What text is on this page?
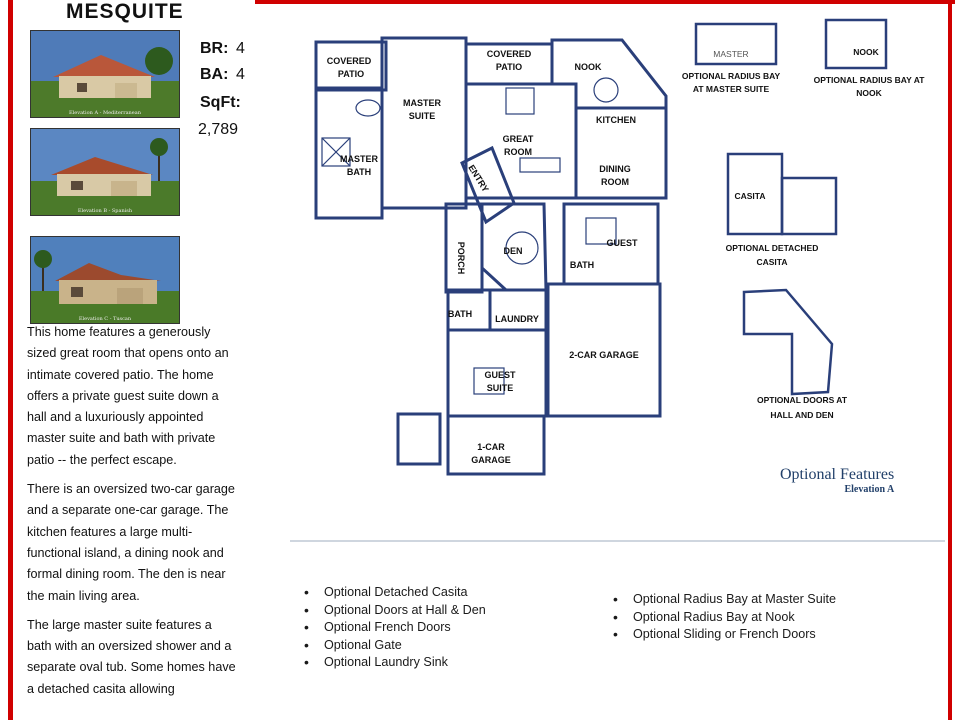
MESQUITE
Elevation A - Mediterranean
Elevation B - Spanish
Elevation C - Tuscan
BR: 4
BA: 4
SqFt:
2,789

This home features a generously sized great room that opens onto an intimate covered patio. The home offers a private guest suite down a hall and a luxuriously appointed master suite and bath with private patio -- the perfect escape.

There is an oversized two-car garage and a separate one-car garage. The kitchen features a large multi-functional island, a dining nook and formal dining room. The den is near the main living area.

The large master suite features a bath with an oversized shower and a separate oval tub. Some homes have a detached casita allowing

COVERED PATIO
MASTER SUITE
MASTER BATH
COVERED PATIO
GREAT ROOM
NOOK
KITCHEN
DINING ROOM
ENTRY
PORCH	DEN
GUEST
BATH
BATH	LAUNDRY
2-CAR GARAGE
GUEST SUITE
1-CAR GARAGE
MASTER
OPTIONAL RADIUS BAY AT MASTER SUITE
NOOK
OPTIONAL RADIUS BAY AT NOOK
CASITA
OPTIONAL DETACHED CASITA
OPTIONAL DOORS AT HALL AND DEN
Optional Features
Elevation A
• Optional Detached Casita
• Optional Doors at Hall & Den
• Optional French Doors
• Optional Gate
• Optional Laundry Sink
• Optional Radius Bay at Master Suite
• Optional Radius Bay at Nook
• Optional Sliding or French Doors
